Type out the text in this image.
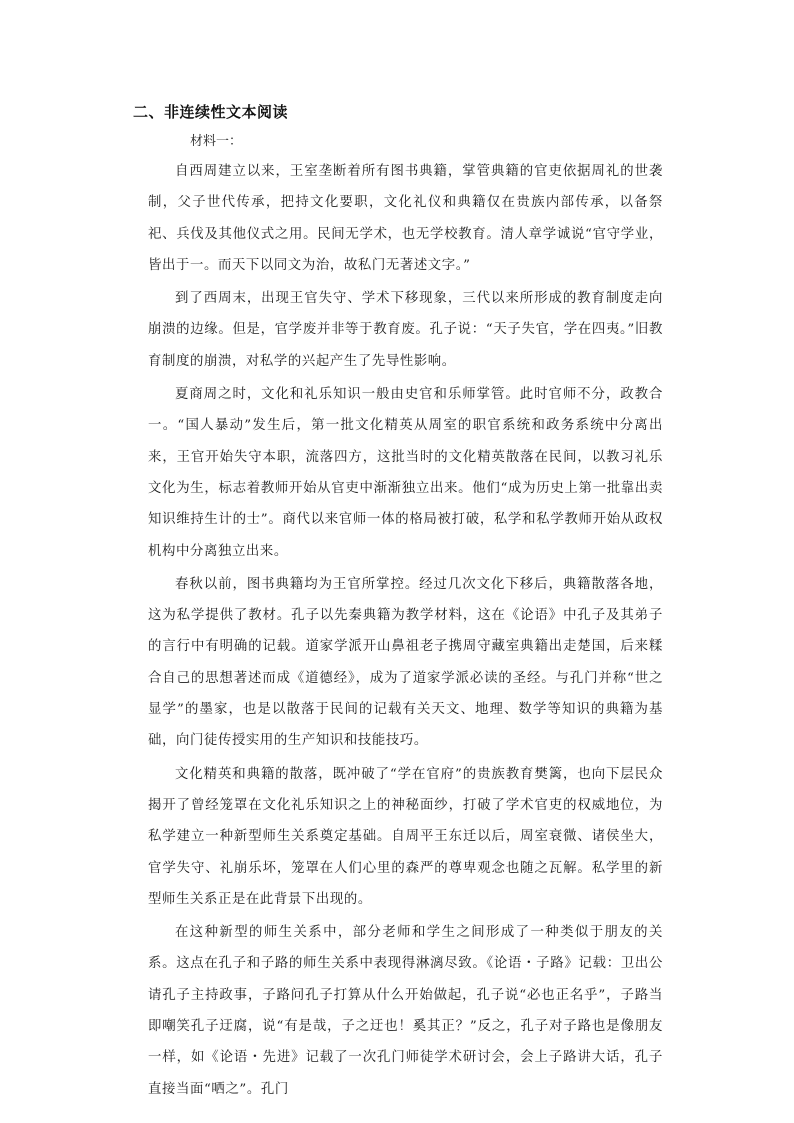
二、非连续性文本阅读
材料一：

自西周建立以来，王室垄断着所有图书典籍，掌管典籍的官吏依据周礼的世袭制，父子世代传承，把持文化要职，文化礼仪和典籍仅在贵族内部传承，以备祭祀、兵伐及其他仪式之用。民间无学术，也无学校教育。清人章学诚说“官守学业，皆出于一。而天下以同文为治，故私门无著述文字。”

到了西周末，出现王官失守、学术下移现象，三代以来所形成的教育制度走向崩溃的边缘。但是，官学废并非等于教育废。孔子说：“天子失官，学在四夷。”旧教育制度的崩溃，对私学的兴起产生了先导性影响。

夏商周之时，文化和礼乐知识一般由史官和乐师掌管。此时官师不分，政教合一。“国人暴动”发生后，第一批文化精英从周室的职官系统和政务系统中分离出来，王官开始失守本职，流落四方，这批当时的文化精英散落在民间，以教习礼乐文化为生，标志着教师开始从官吏中渐渐独立出来。他们“成为历史上第一批靠出卖知识维持生计的士”。商代以来官师一体的格局被打破，私学和私学教师开始从政权机构中分离独立出来。

春秋以前，图书典籍均为王官所掌控。经过几次文化下移后，典籍散落各地，这为私学提供了教材。孔子以先秦典籍为教学材料，这在《论语》中孔子及其弟子的言行中有明确的记载。道家学派开山鼻祖老子携周守藏室典籍出走楚国，后来糅合自己的思想著述而成《道德经》，成为了道家学派必读的圣经。与孔门并称“世之显学”的墨家，也是以散落于民间的记载有关天文、地理、数学等知识的典籍为基础，向门徒传授实用的生产知识和技能技巧。

文化精英和典籍的散落，既冲破了“学在官府”的贵族教育樊篱，也向下层民众揭开了曾经笼罩在文化礼乐知识之上的神秘面纱，打破了学术官吏的权威地位，为私学建立一种新型师生关系奠定基础。自周平王东迁以后，周室衰微、诸侯坐大，官学失守、礼崩乐坏，笼罩在人们心里的森严的尊卑观念也随之瓦解。私学里的新型师生关系正是在此背景下出现的。

在这种新型的师生关系中，部分老师和学生之间形成了一种类似于朋友的关系。这点在孔子和子路的师生关系中表现得淋漓尽致。《论语・子路》记载：卫出公请孔子主持政事，子路问孔子打算从什么开始做起，孔子说“必也正名乎”，子路当即嘲笑孔子迂腐，说“有是哉，子之迂也！奚其正？”反之，孔子对子路也是像朋友一样，如《论语・先进》记载了一次孔门师徒学术研讨会，会上子路讲大话，孔子直接当面“哂之”。孔门
